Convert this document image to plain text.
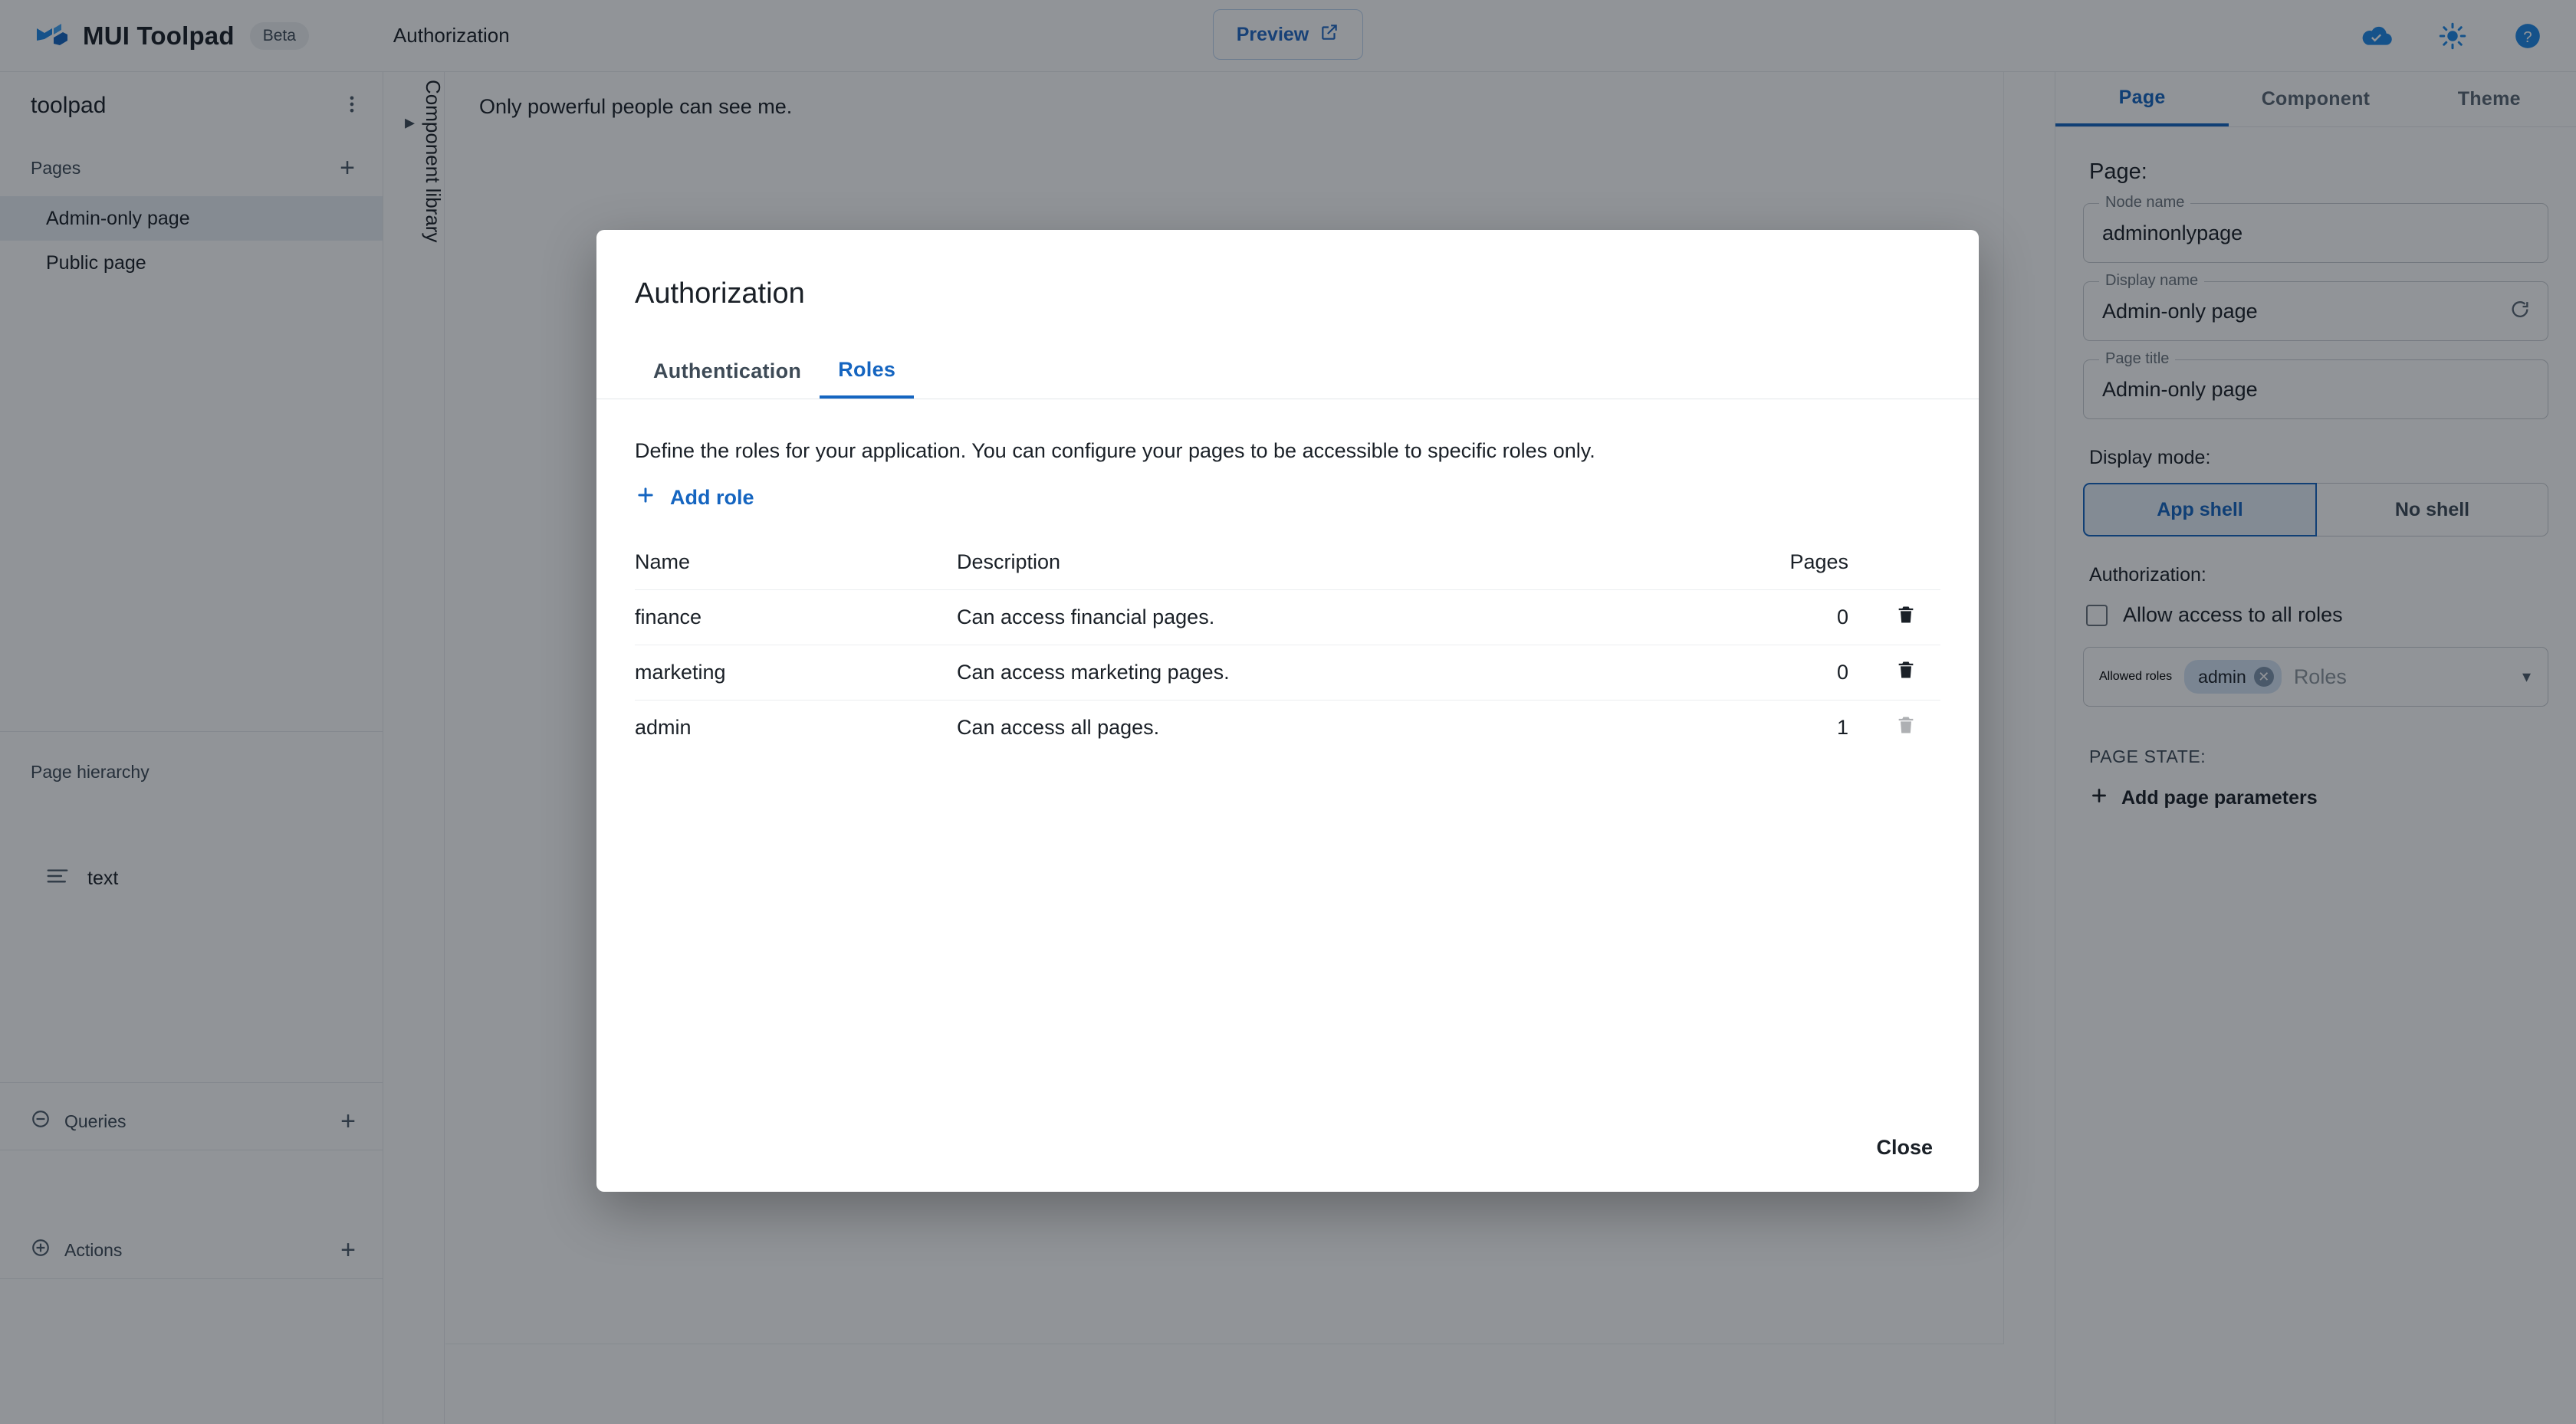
MUI Toolpad	Beta	Authorization	Preview	?
toolpad
Pages	+
Admin-only page
Public page
Page hierarchy
text
Queries	+
Actions	+
▸ Component library Only powerful people can see me.	Page	Component	Theme
Page:
Node name
adminonlypage
Display name
Admin-only page
Page title
Admin-only page
Display mode:
App shell	No shell
Authorization:
Allow access to all roles
Allowed roles admin ✕ Roles	▾
PAGE STATE:
Add page parameters
Authorization
Authentication	Roles
Define the roles for your application. You can configure your pages to be accessible to specific roles only.
Add role
Name	Description	Pages
finance	Can access financial pages.	0
marketing	Can access marketing pages.	0
admin	Can access all pages.	1
Close
